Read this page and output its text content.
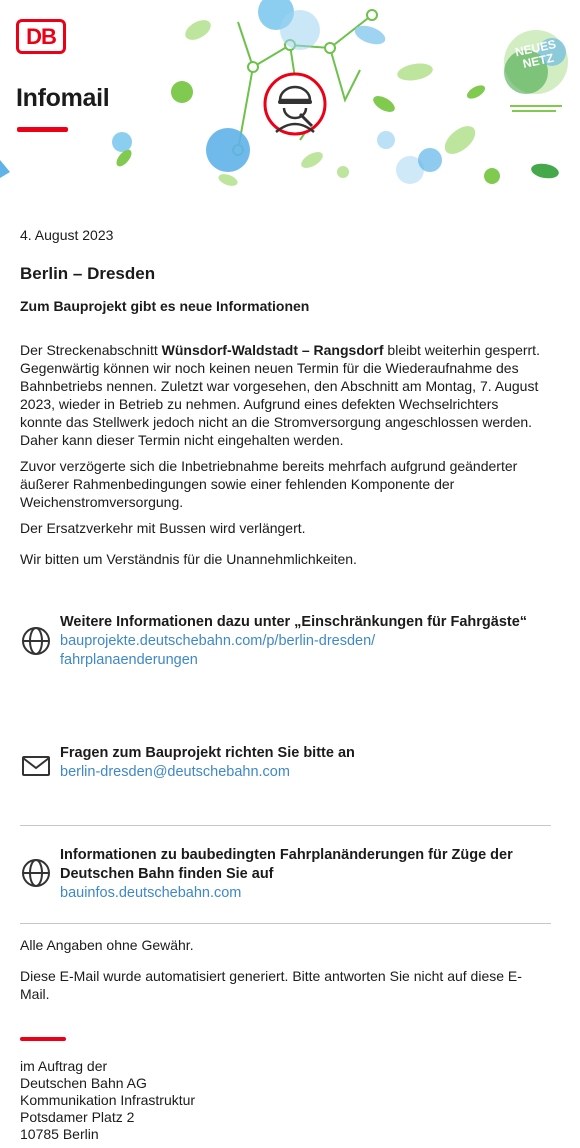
DB
Infomail
NEUES NETZ
4. August 2023
Berlin – Dresden
Zum Bauprojekt gibt es neue Informationen
Der Streckenabschnitt Wünsdorf-Waldstadt – Rangsdorf bleibt weiterhin gesperrt. Gegenwärtig können wir noch keinen neuen Termin für die Wiederaufnahme des Bahnbetriebs nennen. Zuletzt war vorgesehen, den Abschnitt am Montag, 7. August 2023, wieder in Betrieb zu nehmen. Aufgrund eines defekten Wechselrichters konnte das Stellwerk jedoch nicht an die Stromversorgung angeschlossen werden. Daher kann dieser Termin nicht eingehalten werden.
Zuvor verzögerte sich die Inbetriebnahme bereits mehrfach aufgrund geänderter äußerer Rahmenbedingungen sowie einer fehlenden Komponente der Weichenstromversorgung.
Der Ersatzverkehr mit Bussen wird verlängert.
Wir bitten um Verständnis für die Unannehmlichkeiten.
Weitere Informationen dazu unter „Einschränkungen für Fahrgäste“
bauprojekte.deutschebahn.com/p/berlin-dresden/
fahrplanaenderungen
Fragen zum Bauprojekt richten Sie bitte an
berlin-dresden@deutschebahn.com
Informationen zu baubedingten Fahrplanänderungen für Züge der Deutschen Bahn finden Sie auf
bauinfos.deutschebahn.com
Alle Angaben ohne Gewähr.
Diese E-Mail wurde automatisiert generiert. Bitte antworten Sie nicht auf diese E-Mail.
im Auftrag der
Deutschen Bahn AG
Kommunikation Infrastruktur
Potsdamer Platz 2
10785 Berlin
